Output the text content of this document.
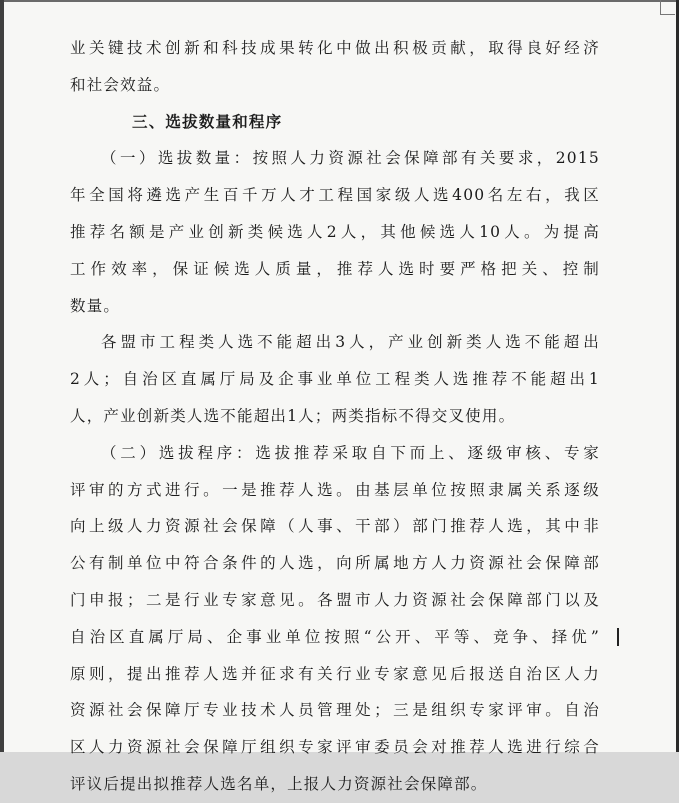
业关键技术创新和科技成果转化中做出积极贡献，取得良好经济
和社会效益。
三、选拔数量和程序
（一）选拔数量：按照人力资源社会保障部有关要求，2015
年全国将遴选产生百千万人才工程国家级人选400名左右，我区
推荐名额是产业创新类候选人2人，其他候选人10人。为提高
工作效率，保证候选人质量，推荐人选时要严格把关、控制
数量。
各盟市工程类人选不能超出3人，产业创新类人选不能超出
2人；自治区直属厅局及企事业单位工程类人选推荐不能超出1
人，产业创新类人选不能超出1人；两类指标不得交叉使用。
（二）选拔程序：选拔推荐采取自下而上、逐级审核、专家
评审的方式进行。一是推荐人选。由基层单位按照隶属关系逐级
向上级人力资源社会保障（人事、干部）部门推荐人选，其中非
公有制单位中符合条件的人选，向所属地方人力资源社会保障部
门申报；二是行业专家意见。各盟市人力资源社会保障部门以及
自治区直属厅局、企事业单位按照“公开、平等、竞争、择优”
原则，提出推荐人选并征求有关行业专家意见后报送自治区人力
资源社会保障厅专业技术人员管理处；三是组织专家评审。自治
区人力资源社会保障厅组织专家评审委员会对推荐人选进行综合
评议后提出拟推荐人选名单，上报人力资源社会保障部。
